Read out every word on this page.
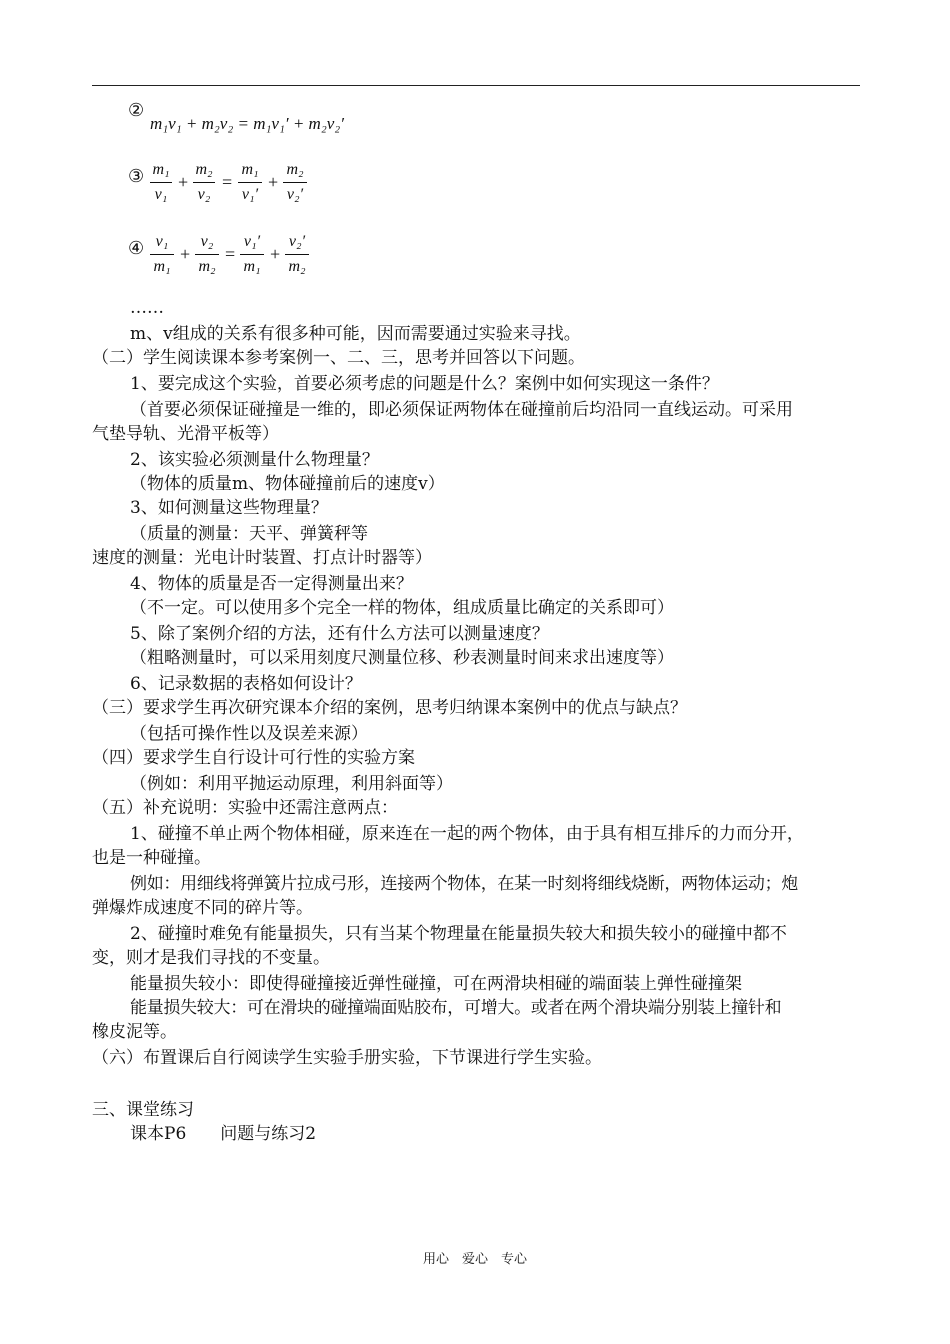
②
m₁v₁ + m₂v₂ = m₁v₁′ + m₂v₂′
③ m₁
v₁
+
m₂
v₂
=
m₁
v₁′
+
m₂
v₂′
④ v₁
m₁
+
v₂
m₂
=
v₁′
m₁
+
v₂′
m₂
……
m、v组成的关系有很多种可能，因而需要通过实验来寻找。
（二）学生阅读课本参考案例一、二、三，思考并回答以下问题。
1、要完成这个实验，首要必须考虑的问题是什么？案例中如何实现这一条件？
（首要必须保证碰撞是一维的，即必须保证两物体在碰撞前后均沿同一直线运动。可采用
气垫导轨、光滑平板等）
2、该实验必须测量什么物理量？
（物体的质量m、物体碰撞前后的速度v）
3、如何测量这些物理量？
（质量的测量：天平、弹簧秤等
速度的测量：光电计时装置、打点计时器等）
4、物体的质量是否一定得测量出来？
（不一定。可以使用多个完全一样的物体，组成质量比确定的关系即可）
5、除了案例介绍的方法，还有什么方法可以测量速度？
（粗略测量时，可以采用刻度尺测量位移、秒表测量时间来求出速度等）
6、记录数据的表格如何设计？
（三）要求学生再次研究课本介绍的案例，思考归纳课本案例中的优点与缺点？
（包括可操作性以及误差来源）
（四）要求学生自行设计可行性的实验方案
（例如：利用平抛运动原理，利用斜面等）
（五）补充说明：实验中还需注意两点：
1、碰撞不单止两个物体相碰，原来连在一起的两个物体，由于具有相互排斥的力而分开，
也是一种碰撞。
例如：用细线将弹簧片拉成弓形，连接两个物体，在某一时刻将细线烧断，两物体运动；炮
弹爆炸成速度不同的碎片等。
2、碰撞时难免有能量损失，只有当某个物理量在能量损失较大和损失较小的碰撞中都不
变，则才是我们寻找的不变量。
能量损失较小：即使得碰撞接近弹性碰撞，可在两滑块相碰的端面装上弹性碰撞架
能量损失较大：可在滑块的碰撞端面贴胶布，可增大。或者在两个滑块端分别装上撞针和
橡皮泥等。
（六）布置课后自行阅读学生实验手册实验，下节课进行学生实验。
三、课堂练习
课本P6　　问题与练习2
用心　爱心　专心
